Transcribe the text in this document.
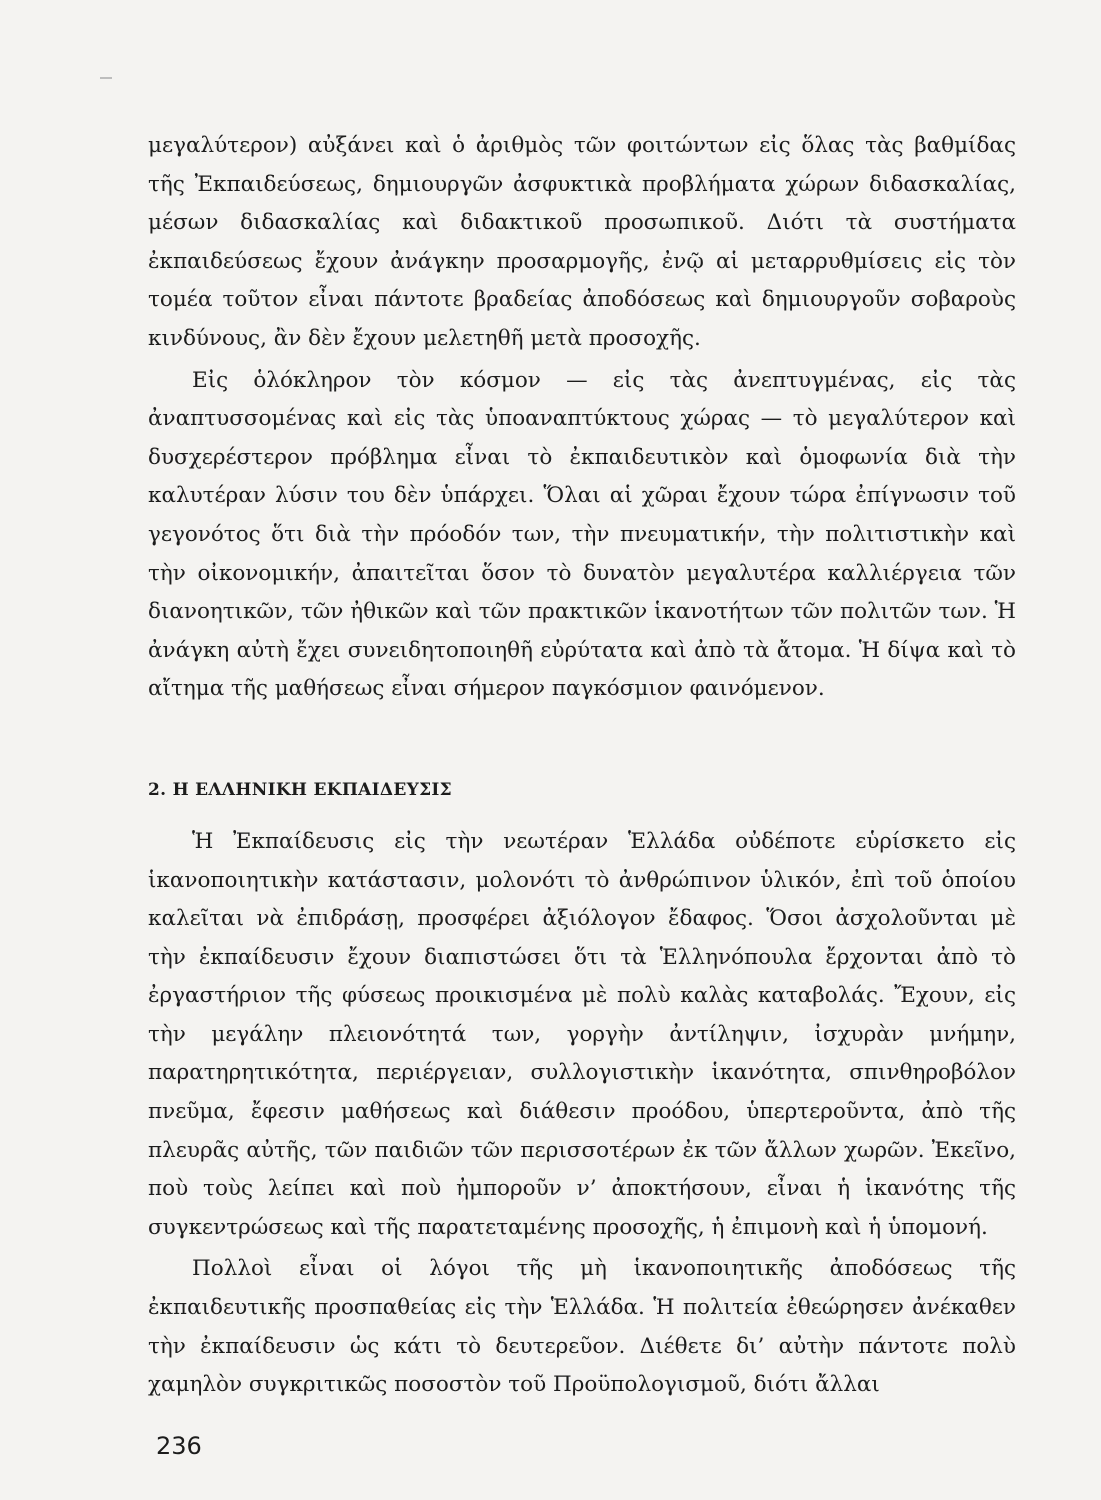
μεγαλύτερον) αὐξάνει καὶ ὁ ἀριθμὸς τῶν φοιτώντων εἰς ὅλας τὰς βαθμίδας τῆς Ἐκπαιδεύσεως, δημιουργῶν ἀσφυκτικὰ προβλήματα χώρων διδασκαλίας, μέσων διδασκαλίας καὶ διδακτικοῦ προσωπικοῦ. Διότι τὰ συστήματα ἐκπαιδεύσεως ἔχουν ἀνάγκην προσαρμογῆς, ἐνῷ αἱ μεταρρυθμίσεις εἰς τὸν τομέα τοῦτον εἶναι πάντοτε βραδείας ἀποδόσεως καὶ δημιουργοῦν σοβαροὺς κινδύνους, ἂν δὲν ἔχουν μελετηθῆ μετὰ προσοχῆς.

Εἰς ὁλόκληρον τὸν κόσμον — εἰς τὰς ἀνεπτυγμένας, εἰς τὰς ἀναπτυσσομένας καὶ εἰς τὰς ὑποαναπτύκτους χώρας — τὸ μεγαλύτερον καὶ δυσχερέστερον πρόβλημα εἶναι τὸ ἐκπαιδευτικὸν καὶ ὁμοφωνία διὰ τὴν καλυτέραν λύσιν του δὲν ὑπάρχει. Ὅλαι αἱ χῶραι ἔχουν τώρα ἐπίγνωσιν τοῦ γεγονότος ὅτι διὰ τὴν πρόοδόν των, τὴν πνευματικήν, τὴν πολιτιστικὴν καὶ τὴν οἰκονομικήν, ἀπαιτεῖται ὅσον τὸ δυνατὸν μεγαλυτέρα καλλιέργεια τῶν διανοητικῶν, τῶν ἠθικῶν καὶ τῶν πρακτικῶν ἱκανοτήτων τῶν πολιτῶν των. Ἡ ἀνάγκη αὐτὴ ἔχει συνειδητοποιηθῆ εὐρύτατα καὶ ἀπὸ τὰ ἄτομα. Ἡ δίψα καὶ τὸ αἴτημα τῆς μαθήσεως εἶναι σήμερον παγκόσμιον φαινόμενον.

2. Η ΕΛΛΗΝΙΚΗ ΕΚΠΑΙΔΕΥΣΙΣ

Ἡ Ἐκπαίδευσις εἰς τὴν νεωτέραν Ἑλλάδα οὐδέποτε εὑρίσκετο εἰς ἱκανοποιητικὴν κατάστασιν, μολονότι τὸ ἀνθρώπινον ὑλικόν, ἐπὶ τοῦ ὁποίου καλεῖται νὰ ἐπιδράσῃ, προσφέρει ἀξιόλογον ἔδαφος. Ὅσοι ἀσχολοῦνται μὲ τὴν ἐκπαίδευσιν ἔχουν διαπιστώσει ὅτι τὰ Ἑλληνόπουλα ἔρχονται ἀπὸ τὸ ἐργαστήριον τῆς φύσεως προικισμένα μὲ πολὺ καλὰς καταβολάς. Ἔχουν, εἰς τὴν μεγάλην πλειονότητά των, γοργὴν ἀντίληψιν, ἰσχυρὰν μνήμην, παρατηρητικότητα, περιέργειαν, συλλογιστικὴν ἱκανότητα, σπινθηροβόλον πνεῦμα, ἔφεσιν μαθήσεως καὶ διάθεσιν προόδου, ὑπερτεροῦντα, ἀπὸ τῆς πλευρᾶς αὐτῆς, τῶν παιδιῶν τῶν περισσοτέρων ἐκ τῶν ἄλλων χωρῶν. Ἐκεῖνο, ποὺ τοὺς λείπει καὶ ποὺ ἠμποροῦν ν’ ἀποκτήσουν, εἶναι ἡ ἱκανότης τῆς συγκεντρώσεως καὶ τῆς παρατεταμένης προσοχῆς, ἡ ἐπιμονὴ καὶ ἡ ὑπομονή.

Πολλοὶ εἶναι οἱ λόγοι τῆς μὴ ἱκανοποιητικῆς ἀποδόσεως τῆς ἐκπαιδευτικῆς προσπαθείας εἰς τὴν Ἑλλάδα. Ἡ πολιτεία ἐθεώρησεν ἀνέκαθεν τὴν ἐκπαίδευσιν ὡς κάτι τὸ δευτερεῦον. Διέθετε δι’ αὐτὴν πάντοτε πολὺ χαμηλὸν συγκριτικῶς ποσοστὸν τοῦ Προϋπολογισμοῦ, διότι ἄλλαι

236
